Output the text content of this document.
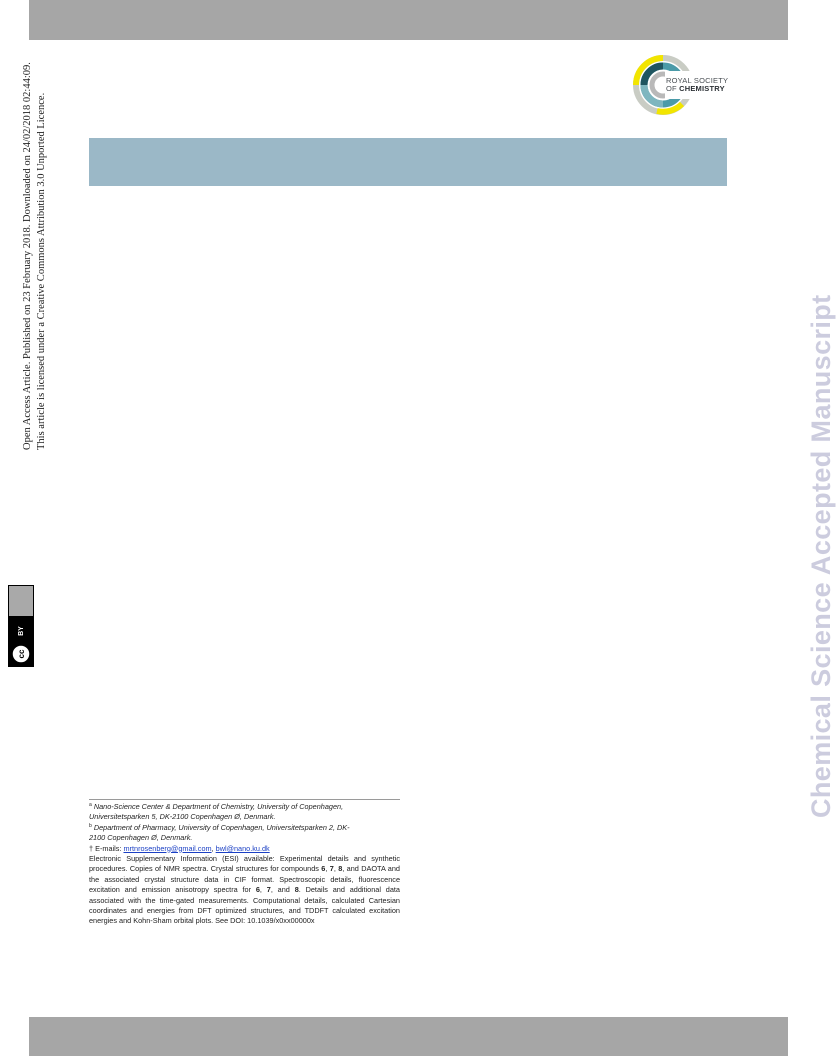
ROYAL SOCIETY
OF CHEMISTRY
Open Access Article. Published on 23 February 2018. Downloaded on 24/02/2018 02:44:09. This article is licensed under a Creative Commons Attribution 3.0 Unported Licence.
cc
BY	Chemical Science Accepted Manuscript

$^a$ Nano-Science Center & Department of Chemistry, University of Copenhagen,

Universitetsparken 5, DK-2100 Copenhagen Ø, Denmark.

$^b$ Department of Pharmacy, University of Copenhagen, Universitetsparken 2, DK-

2100 Copenhagen Ø, Denmark.

† E-mails: mrtnrosenberg@gmail.com, bwl@nano.ku.dk

Electronic Supplementary Information (ESI) available: Experimental details and synthetic procedures. Copies of NMR spectra. Crystal structures for compounds 6, 7, 8, and DAOTA and the associated crystal structure data in CIF format. Spectroscopic details, fluorescence excitation and emission anisotropy spectra for 6, 7, and 8. Details and additional data associated with the time-gated measurements. Computational details, calculated Cartesian coordinates and energies from DFT optimized structures, and TDDFT calculated excitation energies and Kohn-Sham orbital plots. See DOI: 10.1039/x0xx00000x
